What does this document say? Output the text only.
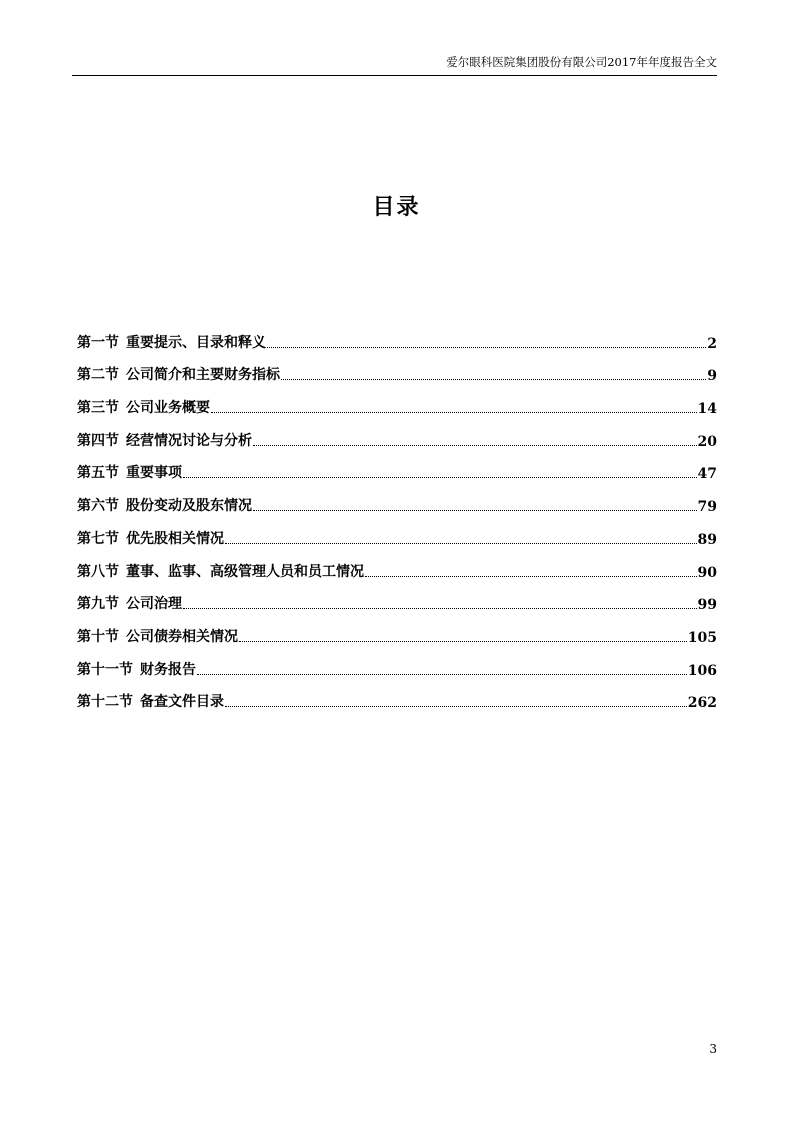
爱尔眼科医院集团股份有限公司2017年年度报告全文
目录
第一节 重要提示、目录和释义	2
第二节 公司简介和主要财务指标	9
第三节 公司业务概要	14
第四节 经营情况讨论与分析	20
第五节 重要事项	47
第六节 股份变动及股东情况	79
第七节 优先股相关情况	89
第八节 董事、监事、高级管理人员和员工情况	90
第九节 公司治理	99
第十节 公司债券相关情况	105
第十一节 财务报告	106
第十二节 备查文件目录	262
3
